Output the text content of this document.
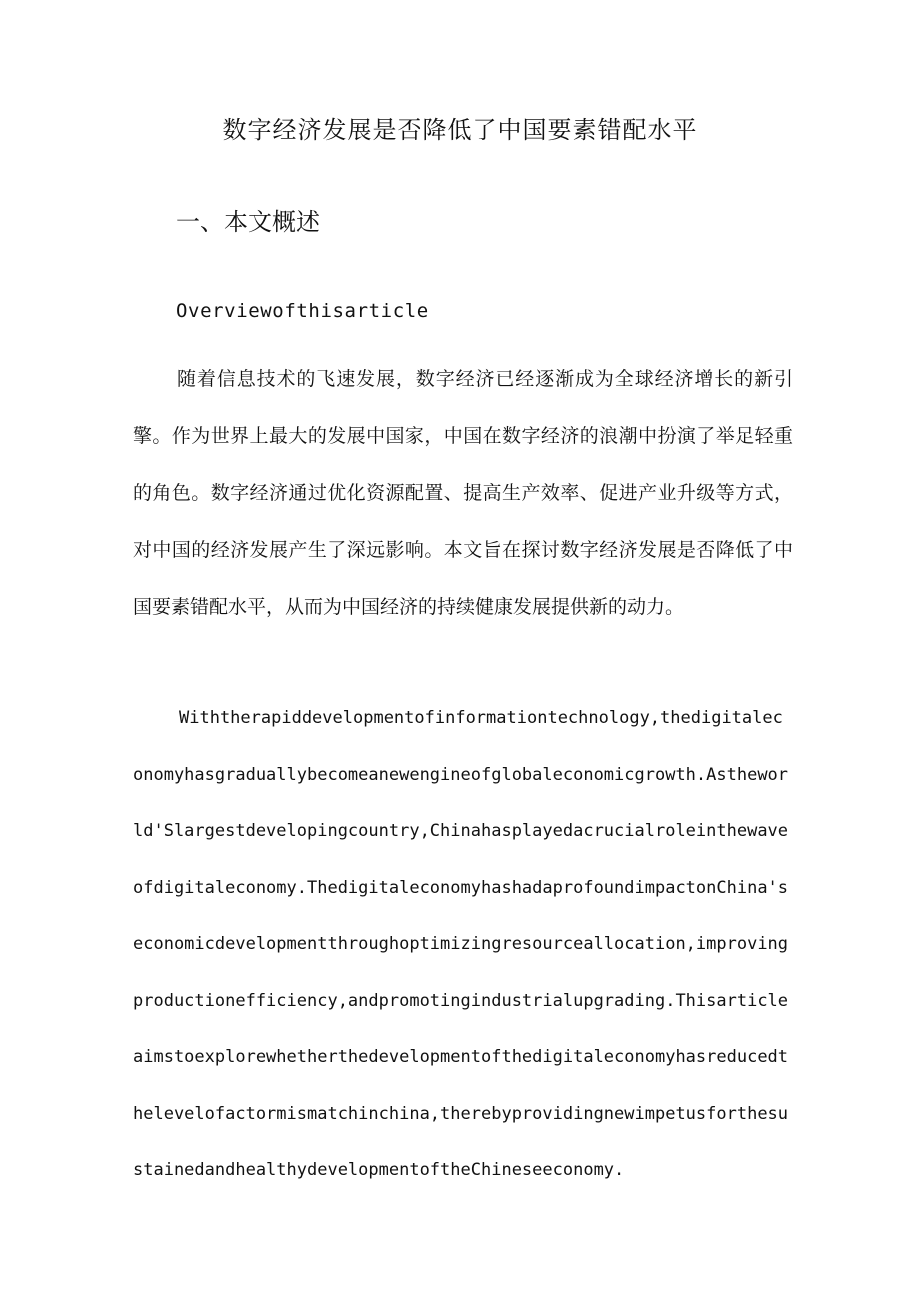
数字经济发展是否降低了中国要素错配水平
一、本文概述
Overviewofthisarticle

随着信息技术的飞速发展，数字经济已经逐渐成为全球经济增长的新引擎。作为世界上最大的发展中国家，中国在数字经济的浪潮中扮演了举足轻重的角色。数字经济通过优化资源配置、提高生产效率、促进产业升级等方式，对中国的经济发展产生了深远影响。本文旨在探讨数字经济发展是否降低了中国要素错配水平，从而为中国经济的持续健康发展提供新的动力。

Withtherapiddevelopmentofinformationtechnology,thedigitaleconomyhasgraduallybecomeanewengineofglobaleconomicgrowth.Astheworld'Slargestdevelopingcountry,Chinahasplayedacrucialroleinthewaveofdigitaleconomy.ThedigitaleconomyhashadaprofoundimpactonChina'seconomicdevelopmentthroughoptimizingresourceallocation,improvingproductionefficiency,andpromotingindustrialupgrading.Thisarticleaimstoexplorewhetherthedevelopmentofthedigitaleconomyhasreducedthelevelofactormismatchinchina,therebyprovidingnewimpetusforthesustainedandhealthydevelopmentoftheChineseeconomy.
